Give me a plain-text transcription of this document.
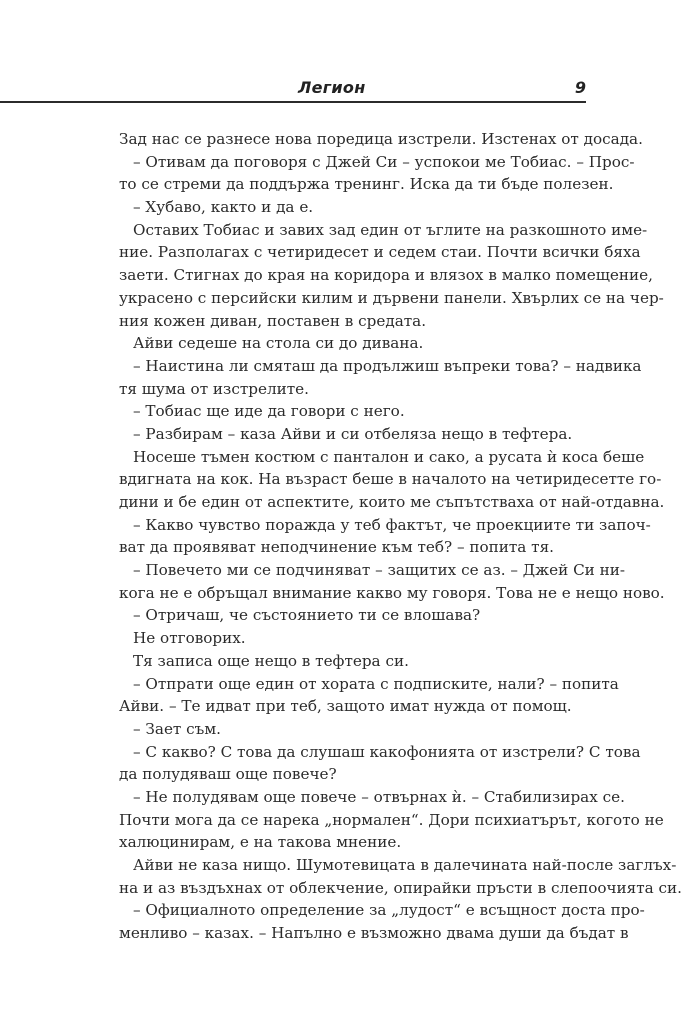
Легион	9
Зад нас се разнесе нова поредица изстрели. Изстенах от досада.
– Отивам да поговоря с Джей Си – успокои ме Тобиас. – Прос-
то се стреми да поддържа тренинг. Иска да ти бъде полезен.
– Хубаво, както и да е.
Оставих Тобиас и завих зад един от ъглите на разкошното име-
ние. Разполагах с четиридесет и седем стаи. Почти всички бяха
заети. Стигнах до края на коридора и влязох в малко помещение,
украсено с персийски килим и дървени панели. Хвърлих се на чер-
ния кожен диван, поставен в средата.
Айви седеше на стола си до дивана.
– Наистина ли смяташ да продължиш въпреки това? – надвика
тя шума от изстрелите.
– Тобиас ще иде да говори с него.
– Разбирам – каза Айви и си отбеляза нещо в тефтера.
Носеше тъмен костюм с панталон и сако, а русата ѝ коса беше
вдигната на кок. На възраст беше в началото на четиридесетте го-
дини и бе един от аспектите, които ме съпътстваха от най-отдавна.
– Какво чувство поражда у теб фактът, че проекциите ти започ-
ват да проявяват неподчинение към теб? – попита тя.
– Повечето ми се подчиняват – защитих се аз. – Джей Си ни-
кога не е обръщал внимание какво му говоря. Това не е нещо ново.
– Отричаш, че състоянието ти се влошава?
Не отговорих.
Тя записа още нещо в тефтера си.
– Отпрати още един от хората с подписките, нали? – попита
Айви. – Те идват при теб, защото имат нужда от помощ.
– Зает съм.
– С какво? С това да слушаш какофонията от изстрели? С това
да полудяваш още повече?
– Не полудявам още повече – отвърнах ѝ. – Стабилизирах се.
Почти мога да се нарека „нормален“. Дори психиатърът, когото не
халюцинирам, е на такова мнение.
Айви не каза нищо. Шумотевицата в далечината най-после заглъх-
на и аз въздъхнах от облекчение, опирайки пръсти в слепоочията си.
– Официалното определение за „лудост“ е всъщност доста про-
менливо – казах. – Напълно е възможно двама души да бъдат в
